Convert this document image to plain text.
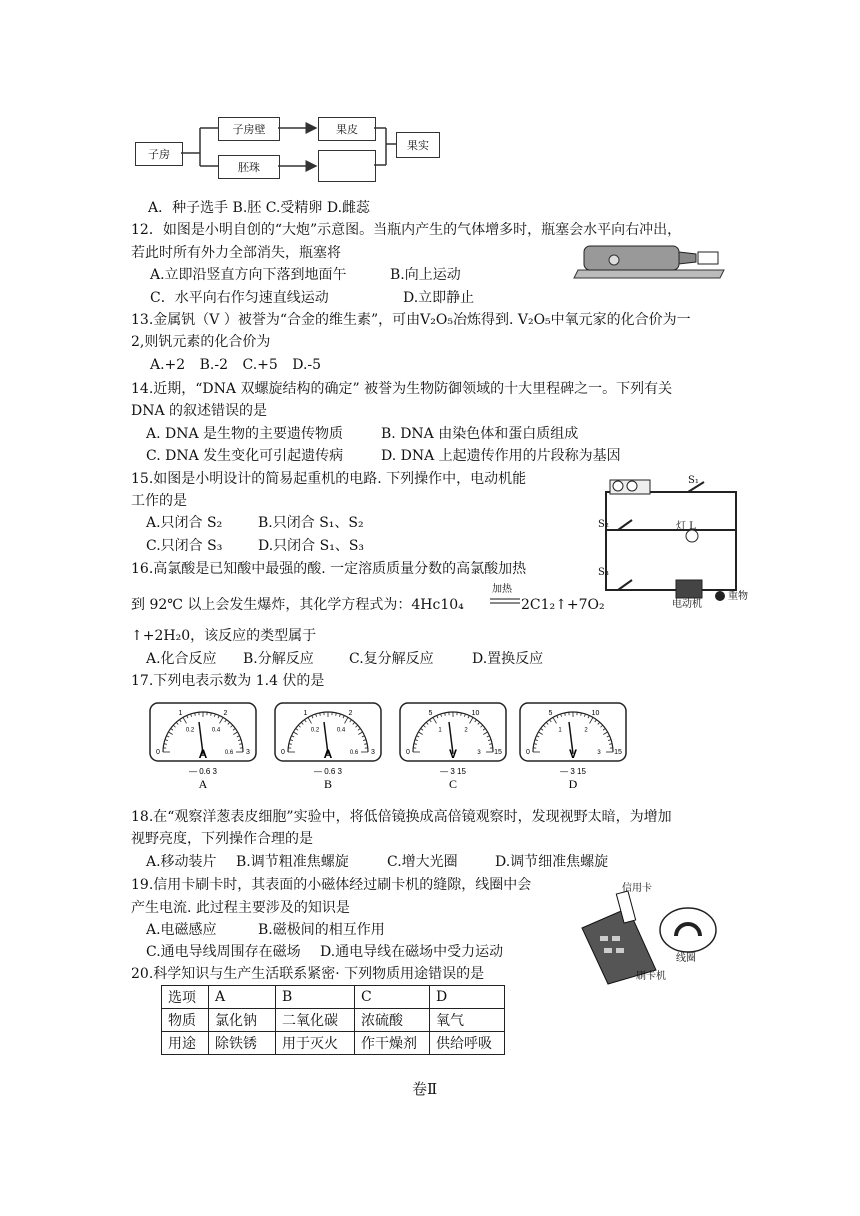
子房
子房壁
胚珠
果皮
果实
A．种子选手 B.胚 C.受精卵 D.雌蕊
12．如图是小明自创的“大炮”示意图。当瓶内产生的气体增多时，瓶塞会水平向右冲出，
若此时所有外力全部消失，瓶塞将
A.立即沿竖直方向下落到地面午	B.向上运动
C．水平向右作匀速直线运动	D.立即静止
13.金属钒（V ）被誉为“合金的维生素”，可由V₂O₅冶炼得到. V₂O₅中氧元家的化合价为一
2,则钒元素的化合价为
A.+2 B.-2 C.+5 D.-5
14.近期，“DNA 双螺旋结构的确定” 被誉为生物防御领域的十大里程碑之一。下列有关
DNA 的叙述错误的是
A. DNA 是生物的主要遗传物质	B. DNA 由染色体和蛋白质组成
C. DNA 发生变化可引起遗传病	D. DNA 上起遗传作用的片段称为基因
15.如图是小明设计的简易起重机的电路. 下列操作中，电动机能
工作的是
A.只闭合 S₂	B.只闭合 S₁、S₂
C.只闭合 S₃	D.只闭合 S₁、S₃
S₁
S₂	灯 L
S₃
电动机
重物
16.高氯酸是已知酸中最强的酸. 一定溶质质量分数的高氯酸加热
到 92℃ 以上会发生爆炸，其化学方程式为：4Hc10₄
加热
2C1₂↑+7O₂
↑+2H₂0，该反应的类型属于
A.化合反应 B.分解反应	C.复分解反应	D.置换反应
17.下列电表示数为 1.4 伏的是
0
1	2
3
0.2	0.4
0.6
A
— 0.6 3
A
0
1	2
3
0.2	0.4
0.6
A
— 0.6 3
B
0
5	10
15
1	2
3
V
— 3 15
C
0
5	10
15
1	2
3
V
— 3 15
D
18.在“观察洋葱表皮细胞”实验中，将低倍镜换成高倍镜观察时，发现视野太暗，为增加
视野亮度，下列操作合理的是
A.移动装片 B.调节粗准焦螺旋	C.增大光圈	D.调节细准焦螺旋
19.信用卡刷卡时，其表面的小磁体经过刷卡机的缝隙，线圈中会
产生电流. 此过程主要涉及的知识是
A.电磁感应	B.磁极间的相互作用
C.通电导线周围存在磁场 D.通电导线在磁场中受力运动
信用卡
线圈
刷卡机
20.科学知识与生产生活联系紧密· 下列物质用途错误的是
选项	A	B	C	D
物质	氯化钠	二氧化碳	浓硫酸	氧气
用途	除铁锈	用于灭火	作干燥剂	供给呼吸
卷Ⅱ
